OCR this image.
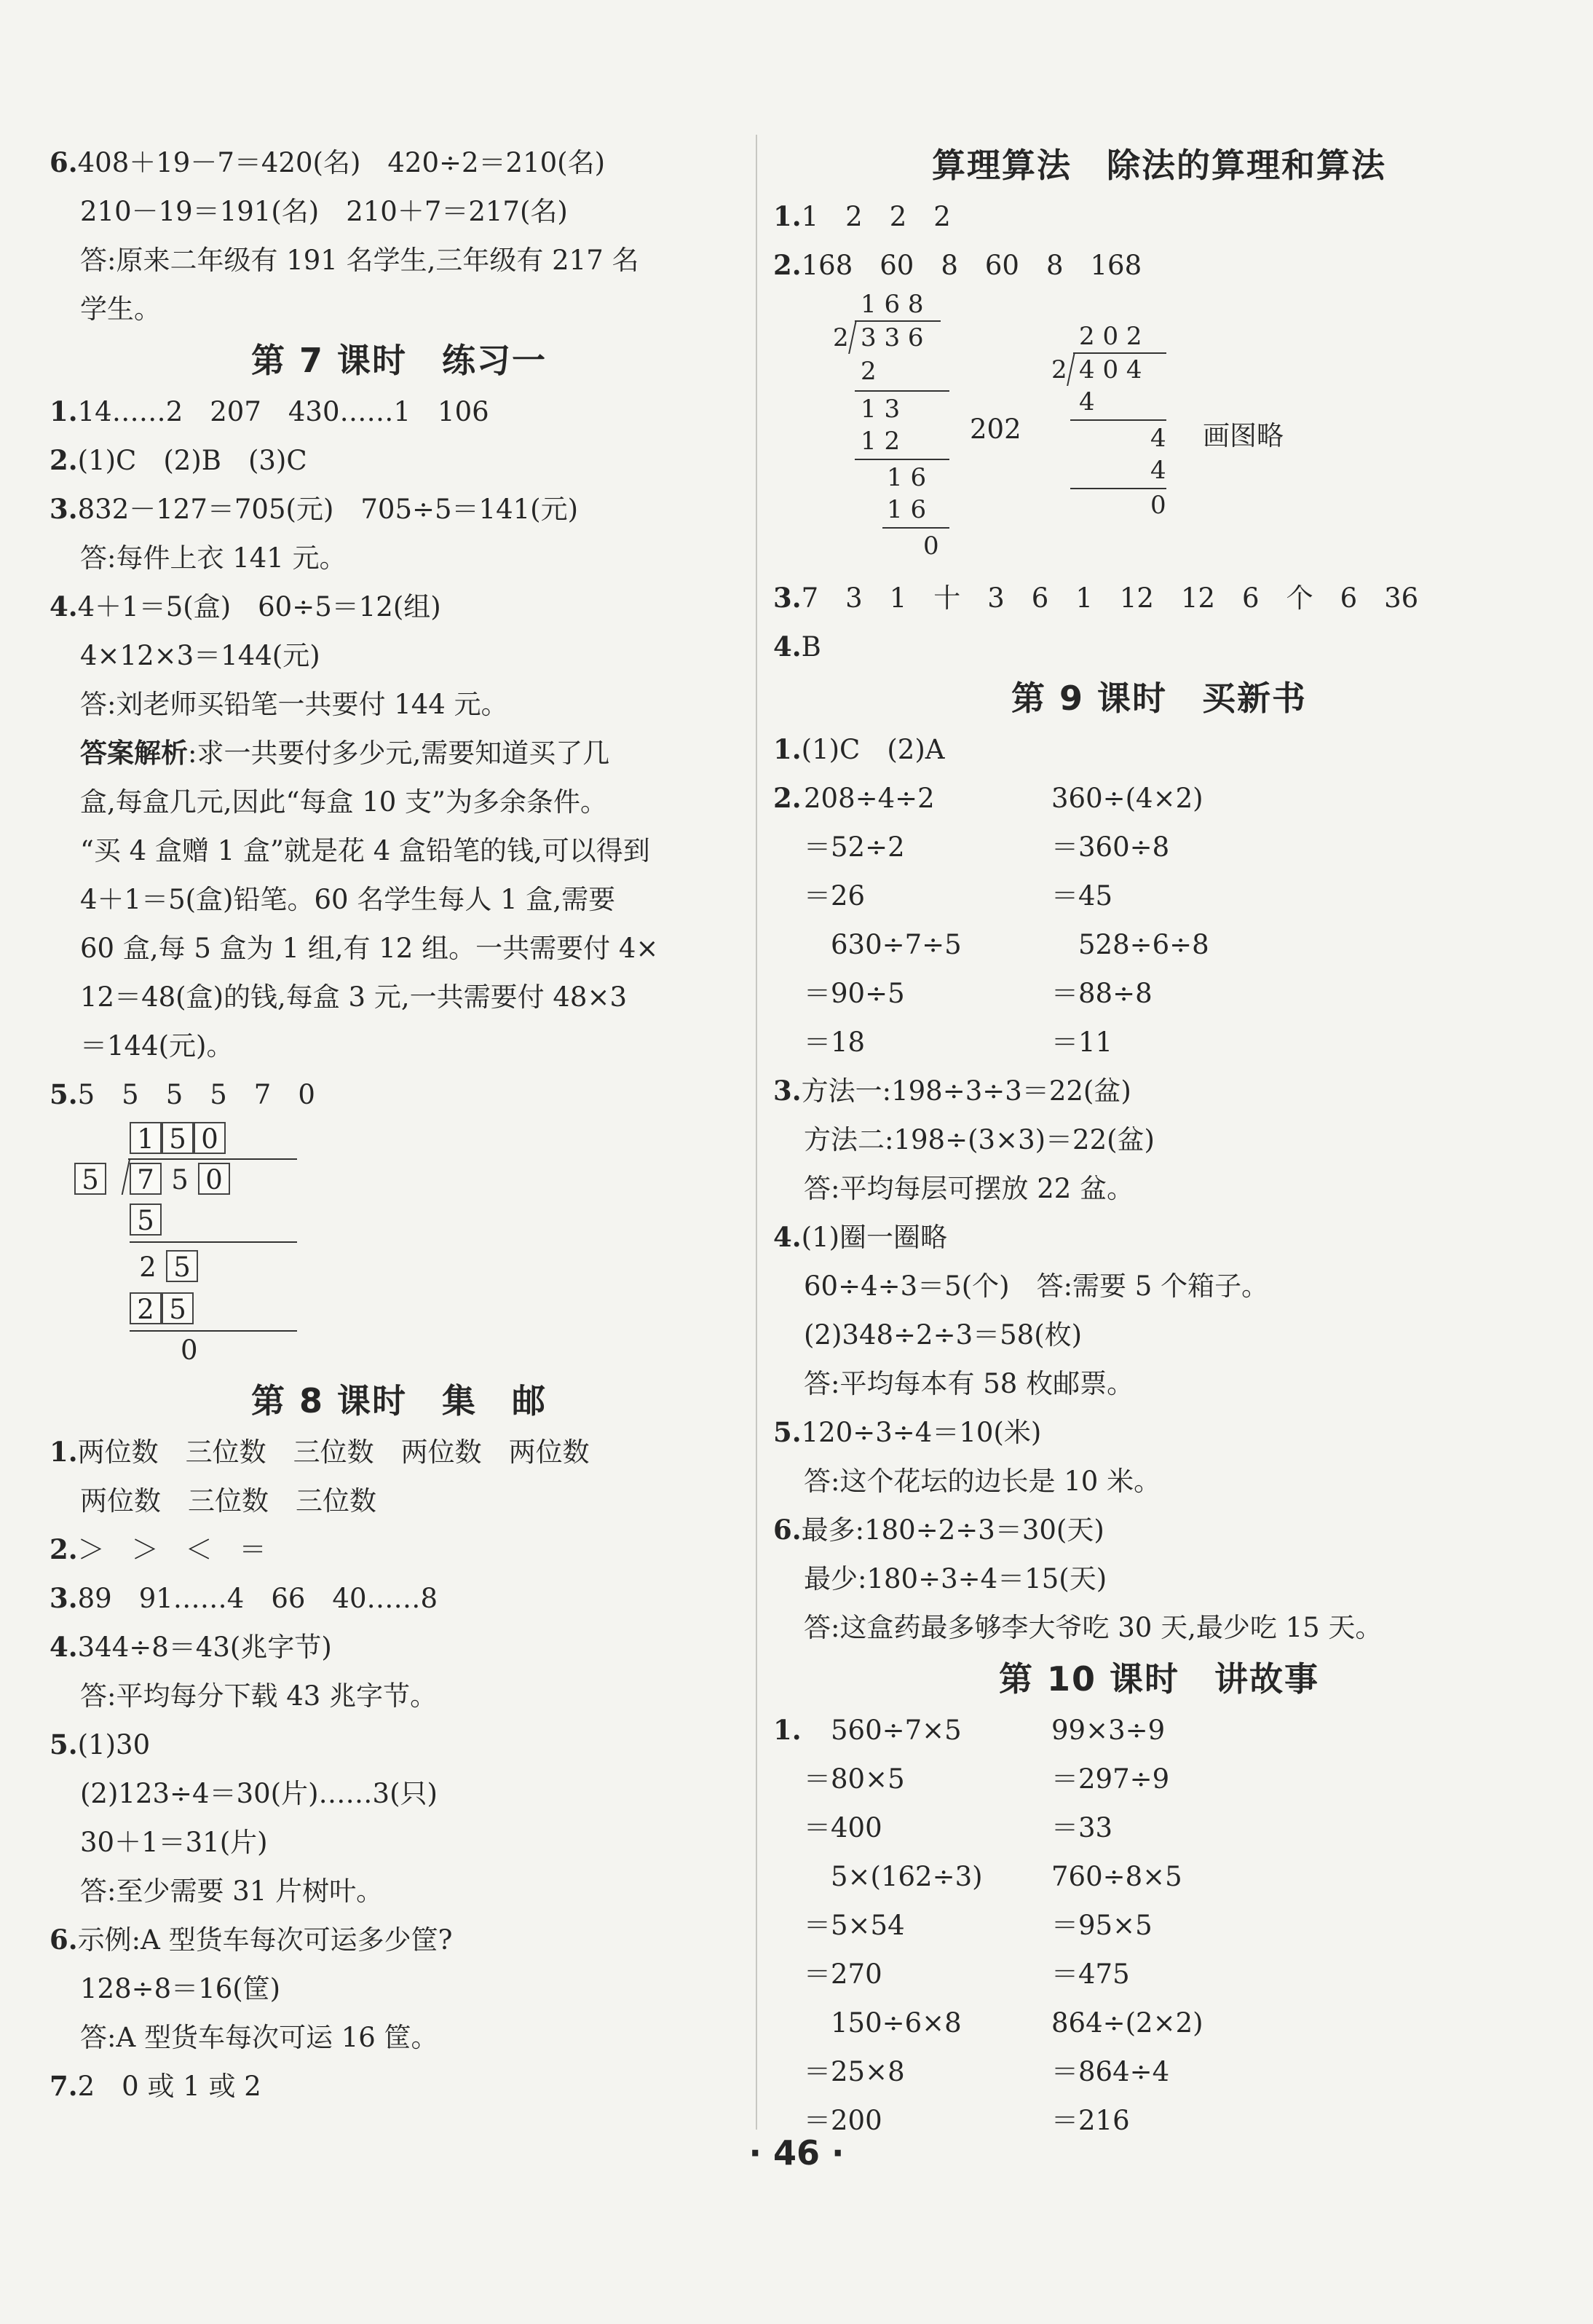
6.408＋19－7＝420(名)　420÷2＝210(名)
210－19＝191(名)　210＋7＝217(名)
答:原来二年级有 191 名学生,三年级有 217 名
学生。
第 7 课时　练习一
1.14……2　207　430……1　106
2.(1)C　(2)B　(3)C
3.832－127＝705(元)　705÷5＝141(元)
答:每件上衣 141 元。
4.4＋1＝5(盒)　60÷5＝12(组)
4×12×3＝144(元)
答:刘老师买铅笔一共要付 144 元。
答案解析:求一共要付多少元,需要知道买了几
盒,每盒几元,因此“每盒 10 支”为多余条件。
“买 4 盒赠 1 盒”就是花 4 盒铅笔的钱,可以得到
4＋1＝5(盒)铅笔。60 名学生每人 1 盒,需要
60 盒,每 5 盒为 1 组,有 12 组。一共需要付 4×
12＝48(盒)的钱,每盒 3 元,一共需要付 48×3
＝144(元)。
5.5　5　5　5　7　0
1 5 0
5 7 5 0
5
2 5
2 5
0
第 8 课时　集　邮
1.两位数　三位数　三位数　两位数　两位数
两位数　三位数　三位数
2.＞　＞　＜　＝
3.89　91……4　66　40……8
4.344÷8＝43(兆字节)
答:平均每分下载 43 兆字节。
5.(1)30
(2)123÷4＝30(片)……3(只)
30＋1＝31(片)
答:至少需要 31 片树叶。
6.示例:A 型货车每次可运多少筐?
128÷8＝16(筐)
答:A 型货车每次可运 16 筐。
7.2　0 或 1 或 2
算理算法　除法的算理和算法
1.1　2　2　2
2.168　60　8　60　8　168
1 6 8
2 3 3 6
2
1 3
1 2
1 6
1 6
0
202
2 0 2
2 4 0 4
4
4
4
0
画图略
3.7　3　1　十　3　6　1　12　12　6　个　6　36
4.B
第 9 课时　买新书
1.(1)C　(2)A
2.208÷4÷2	360÷(4×2)
＝52÷2	＝360÷8
＝26	＝45
　630÷7÷5	　528÷6÷8
＝90÷5	＝88÷8
＝18	＝11
3.方法一:198÷3÷3＝22(盆)
方法二:198÷(3×3)＝22(盆)
答:平均每层可摆放 22 盆。
4.(1)圈一圈略
60÷4÷3＝5(个)　答:需要 5 个箱子。
(2)348÷2÷3＝58(枚)
答:平均每本有 58 枚邮票。
5.120÷3÷4＝10(米)
答:这个花坛的边长是 10 米。
6.最多:180÷2÷3＝30(天)
最少:180÷3÷4＝15(天)
答:这盒药最多够李大爷吃 30 天,最少吃 15 天。
第 10 课时　讲故事
1.　560÷7×5	99×3÷9
＝80×5	＝297÷9
＝400	＝33
　5×(162÷3)	760÷8×5
＝5×54	＝95×5
＝270	＝475
　150÷6×8	864÷(2×2)
＝25×8	＝864÷4
＝200	＝216
· 46 ·
